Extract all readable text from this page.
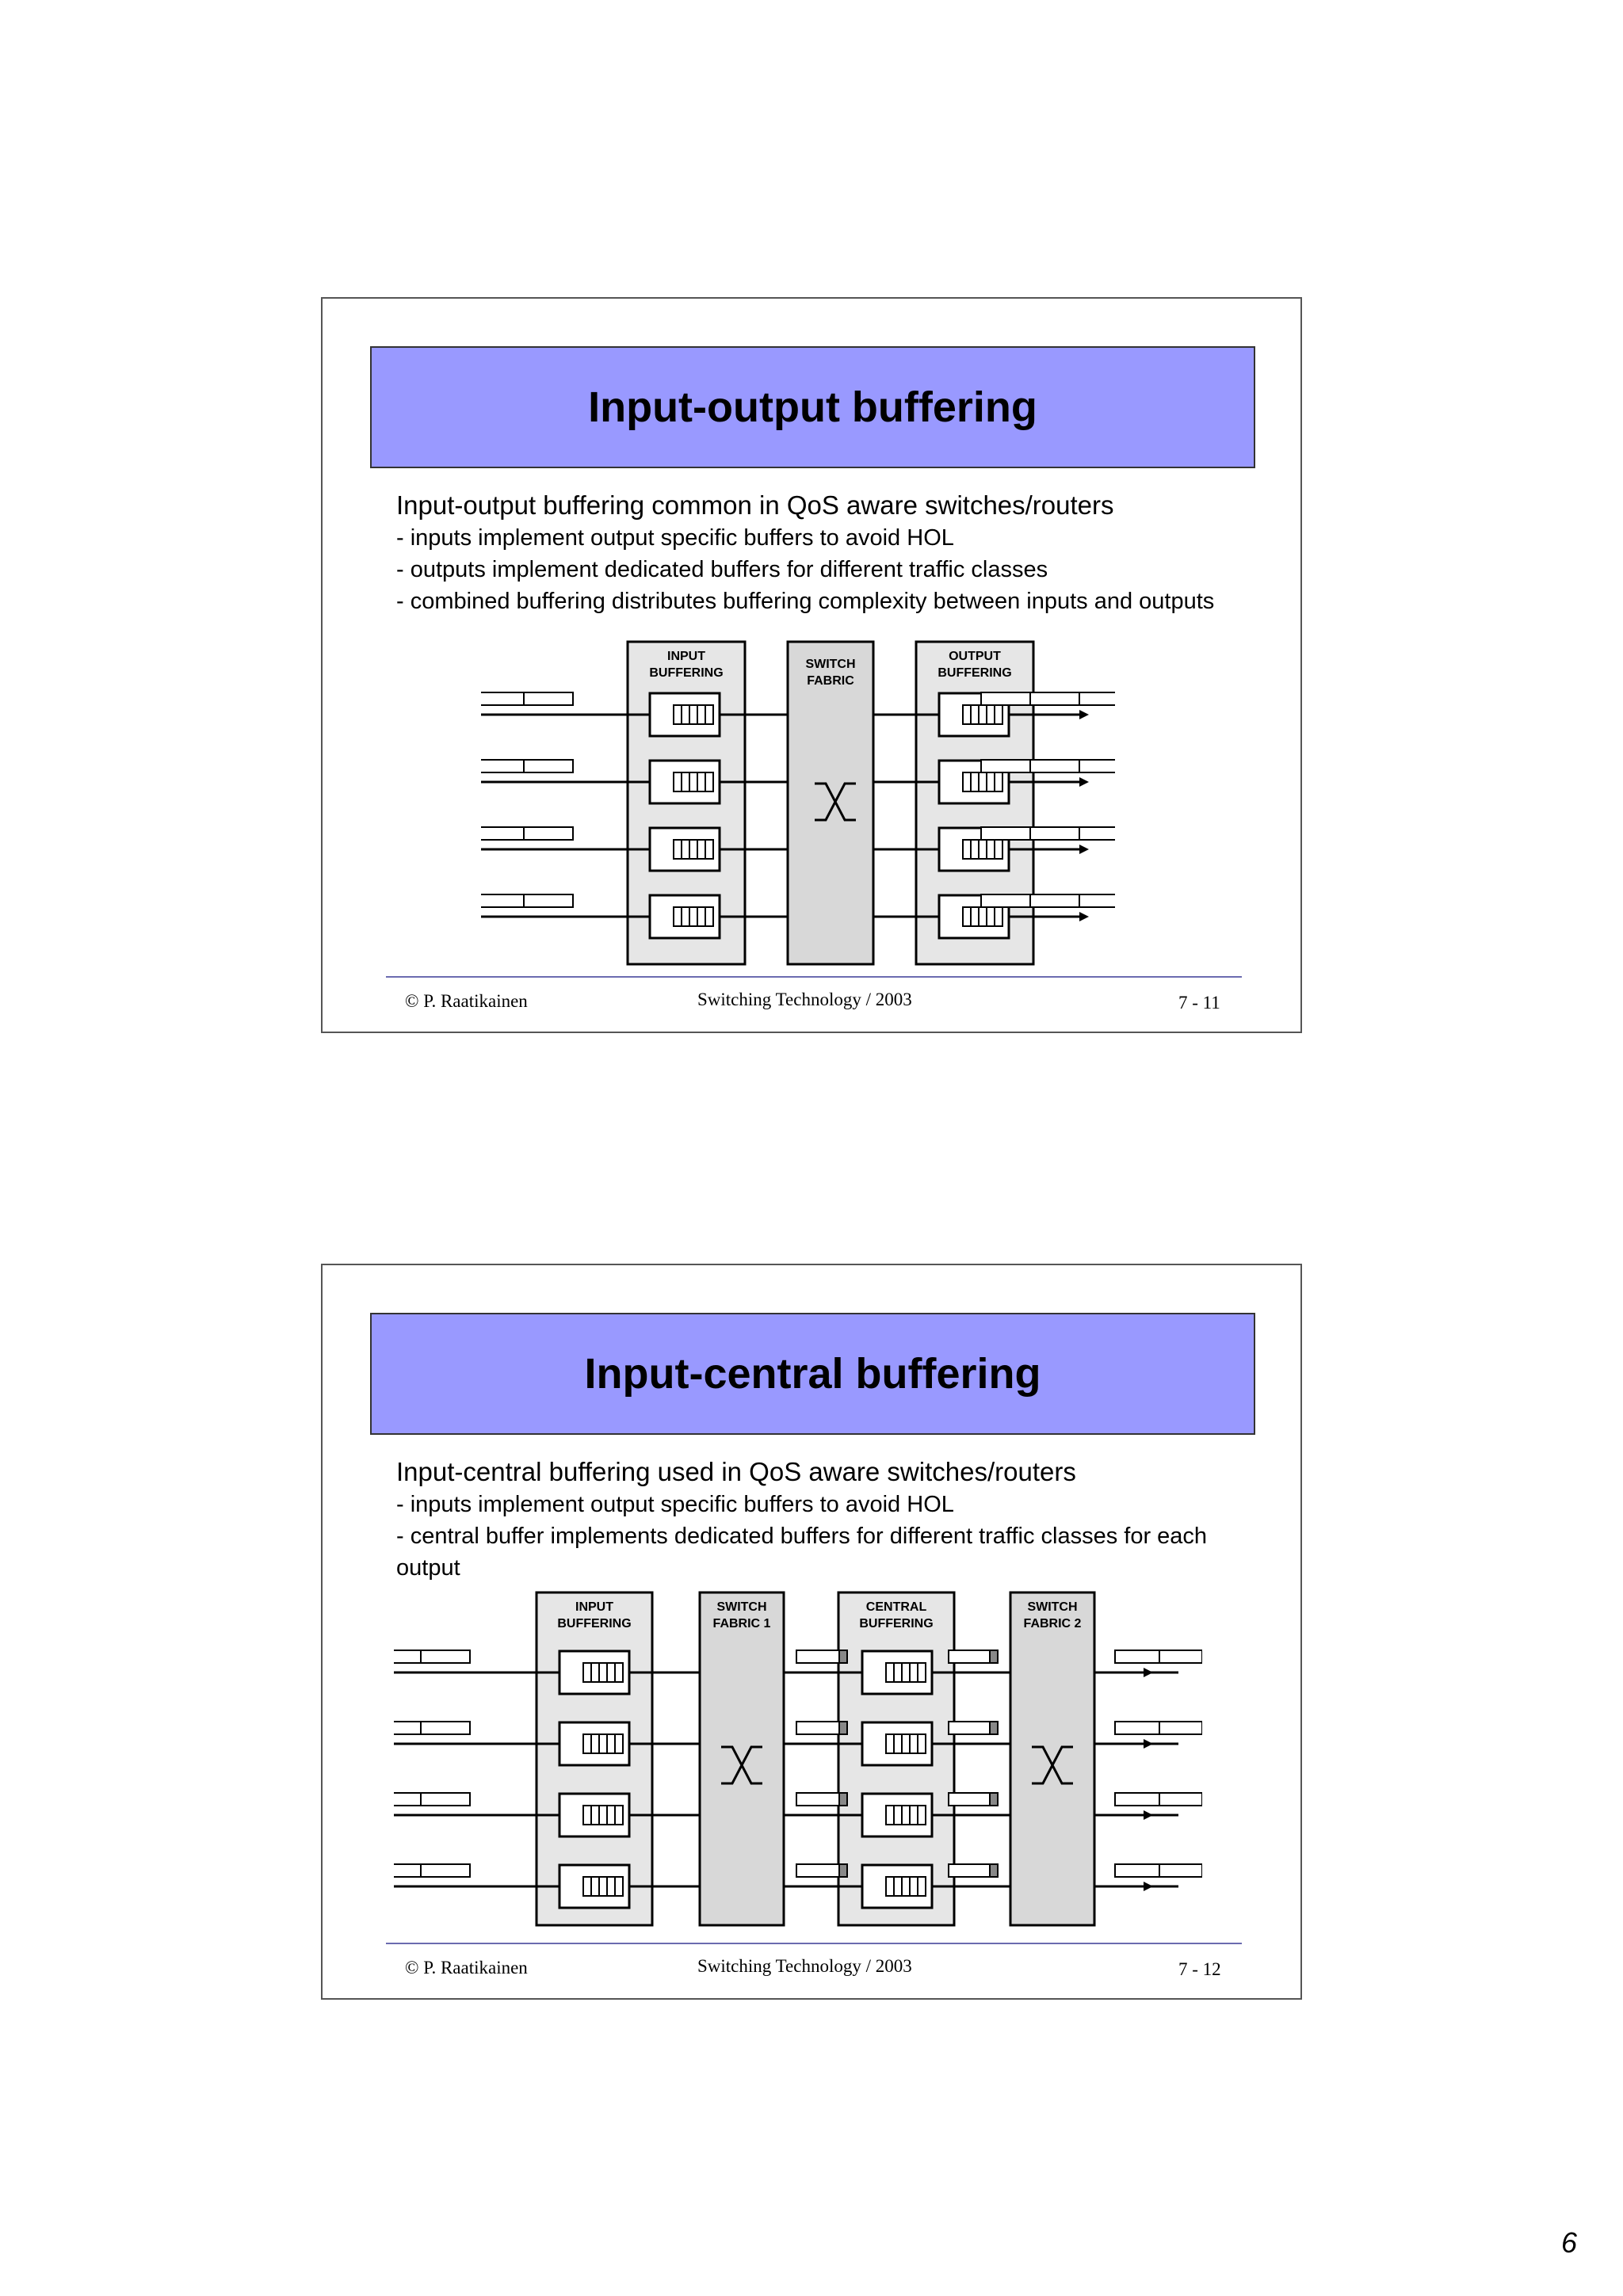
Input-output buffering
Input-output buffering common in QoS aware switches/routers
- inputs implement output specific buffers to avoid HOL
- outputs implement dedicated buffers for different traffic classes
- combined buffering distributes buffering complexity between inputs and outputs
INPUT
BUFFERING
SWITCH
FABRIC
OUTPUT
BUFFERING
© P. Raatikainen	Switching Technology / 2003	7 - 11
Input-central buffering
Input-central buffering used in QoS aware switches/routers
- inputs implement output specific buffers to avoid HOL
- central buffer implements dedicated buffers for different traffic classes for each output
INPUT
BUFFERING
SWITCH
FABRIC 1
CENTRAL
BUFFERING
SWITCH
FABRIC 2
© P. Raatikainen	Switching Technology / 2003	7 - 12
6
